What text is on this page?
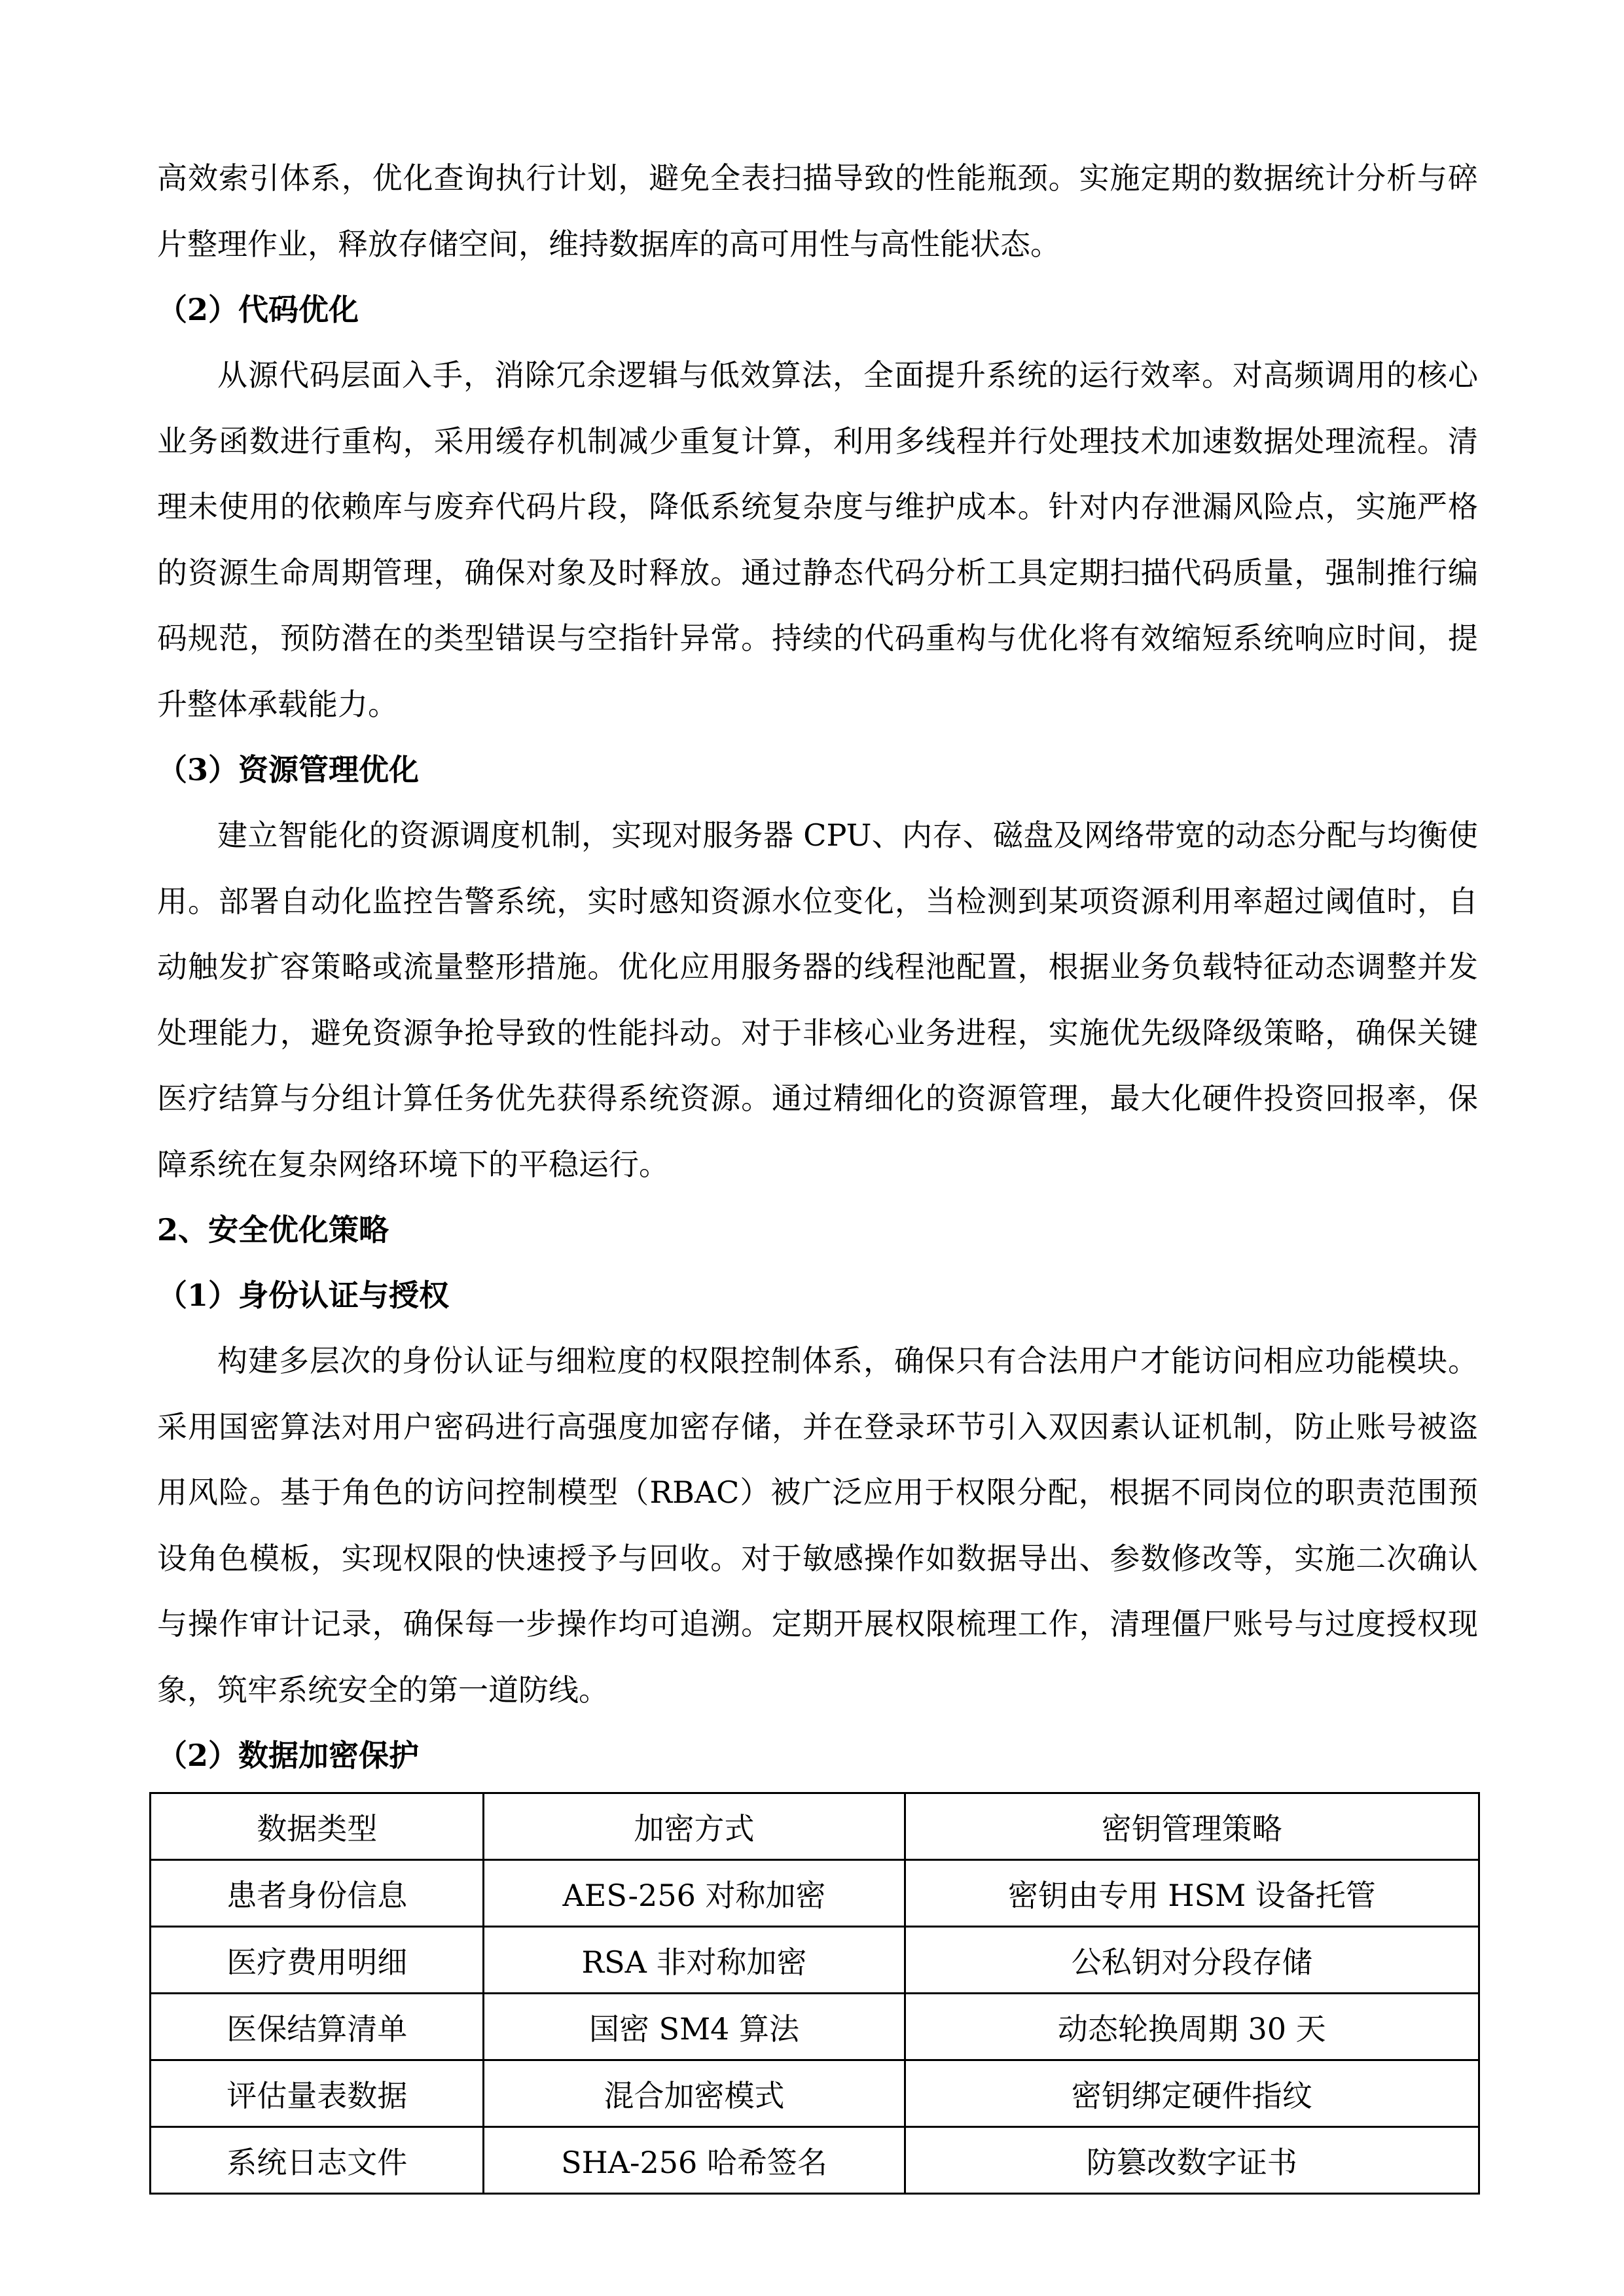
高效索引体系，优化查询执行计划，避免全表扫描导致的性能瓶颈。实施定期的数据统计分析与碎片整理作业，释放存储空间，维持数据库的高可用性与高性能状态。

（2）代码优化

从源代码层面入手，消除冗余逻辑与低效算法，全面提升系统的运行效率。对高频调用的核心业务函数进行重构，采用缓存机制减少重复计算，利用多线程并行处理技术加速数据处理流程。清理未使用的依赖库与废弃代码片段，降低系统复杂度与维护成本。针对内存泄漏风险点，实施严格的资源生命周期管理，确保对象及时释放。通过静态代码分析工具定期扫描代码质量，强制推行编码规范，预防潜在的类型错误与空指针异常。持续的代码重构与优化将有效缩短系统响应时间，提升整体承载能力。

（3）资源管理优化

建立智能化的资源调度机制，实现对服务器 CPU、内存、磁盘及网络带宽的动态分配与均衡使用。部署自动化监控告警系统，实时感知资源水位变化，当检测到某项资源利用率超过阈值时，自动触发扩容策略或流量整形措施。优化应用服务器的线程池配置，根据业务负载特征动态调整并发处理能力，避免资源争抢导致的性能抖动。对于非核心业务进程，实施优先级降级策略，确保关键医疗结算与分组计算任务优先获得系统资源。通过精细化的资源管理，最大化硬件投资回报率，保障系统在复杂网络环境下的平稳运行。

2、安全优化策略
（1）身份认证与授权

构建多层次的身份认证与细粒度的权限控制体系，确保只有合法用户才能访问相应功能模块。采用国密算法对用户密码进行高强度加密存储，并在登录环节引入双因素认证机制，防止账号被盗用风险。基于角色的访问控制模型（RBAC）被广泛应用于权限分配，根据不同岗位的职责范围预设角色模板，实现权限的快速授予与回收。对于敏感操作如数据导出、参数修改等，实施二次确认与操作审计记录，确保每一步操作均可追溯。定期开展权限梳理工作，清理僵尸账号与过度授权现象，筑牢系统安全的第一道防线。

（2）数据加密保护
数据类型	加密方式	密钥管理策略
患者身份信息	AES-256 对称加密	密钥由专用 HSM 设备托管
医疗费用明细	RSA 非对称加密	公私钥对分段存储
医保结算清单	国密 SM4 算法	动态轮换周期 30 天
评估量表数据	混合加密模式	密钥绑定硬件指纹
系统日志文件	SHA-256 哈希签名	防篡改数字证书
